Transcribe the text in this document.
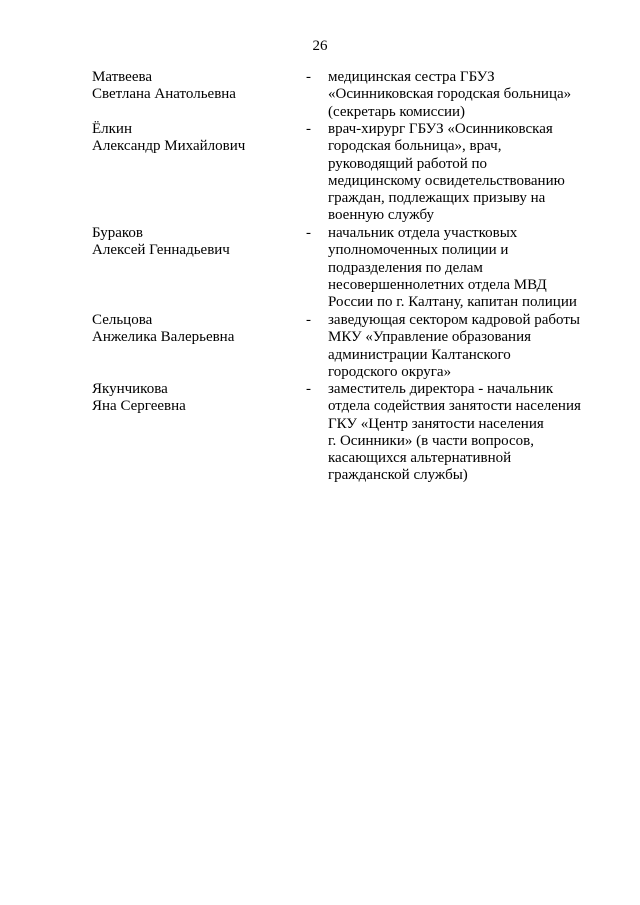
26
Матвеева
Светлана Анатольевна
- медицинская сестра ГБУЗ
«Осинниковская городская больница»
(секретарь комиссии)
Ёлкин
Александр Михайлович
- врач-хирург ГБУЗ «Осинниковская
городская больница», врач,
руководящий работой по
медицинскому освидетельствованию
граждан, подлежащих призыву на
военную службу
Бураков
Алексей Геннадьевич
- начальник отдела участковых
уполномоченных полиции и
подразделения по делам
несовершеннолетних отдела МВД
России по г. Калтану, капитан полиции
Сельцова
Анжелика Валерьевна
- заведующая сектором кадровой работы
МКУ «Управление образования
администрации Калтанского
городского округа»
Якунчикова
Яна Сергеевна
- заместитель директора - начальник
отдела содействия занятости населения
ГКУ «Центр занятости населения
г. Осинники» (в части вопросов,
касающихся альтернативной
гражданской службы)
